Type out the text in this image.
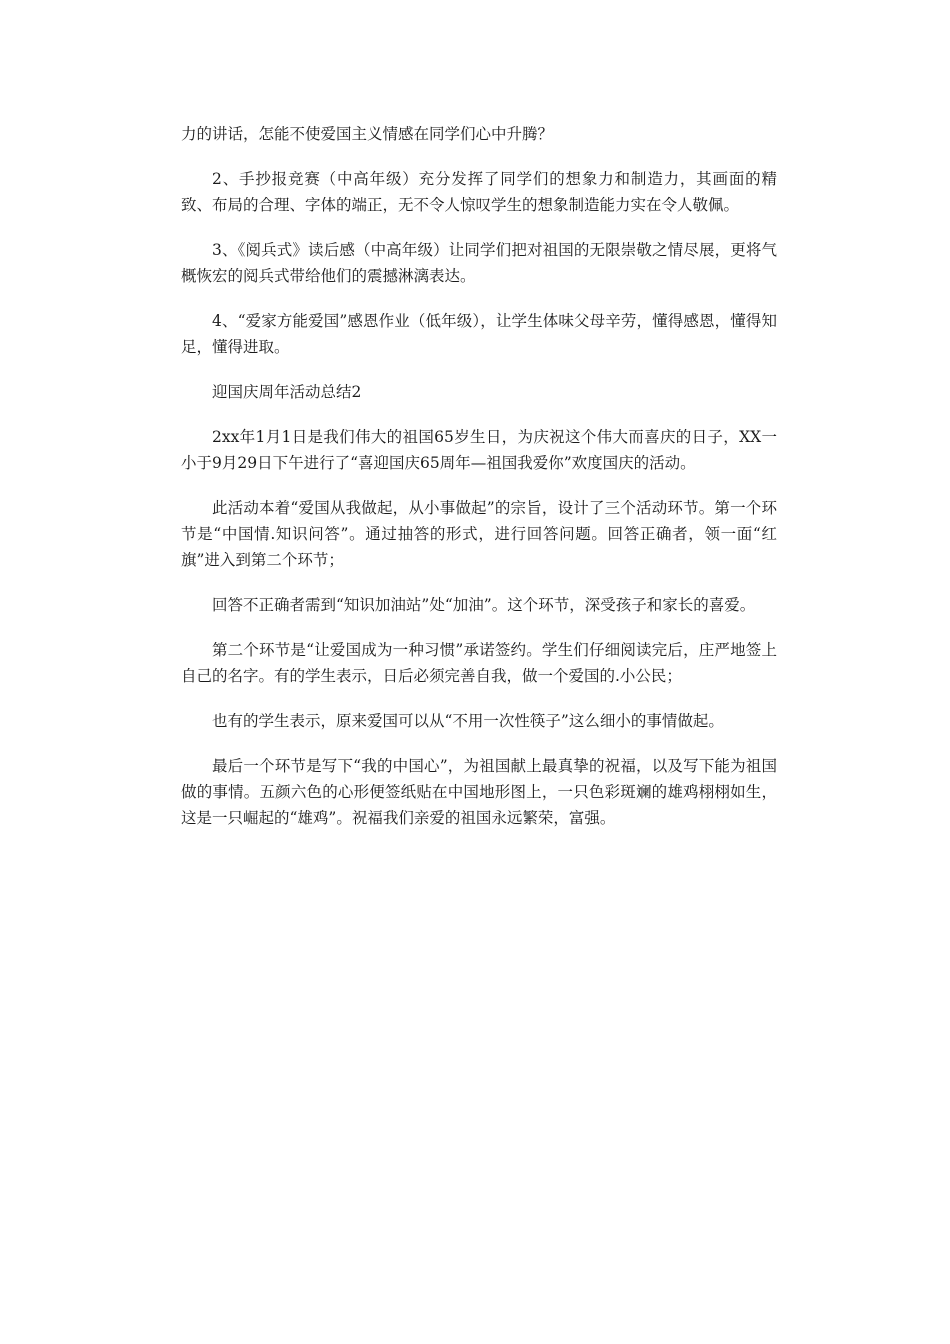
力的讲话，怎能不使爱国主义情感在同学们心中升腾？

2、手抄报竞赛（中高年级）充分发挥了同学们的想象力和制造力，其画面的精致、布局的合理、字体的端正，无不令人惊叹学生的想象制造能力实在令人敬佩。

3、《阅兵式》读后感（中高年级）让同学们把对祖国的无限崇敬之情尽展，更将气概恢宏的阅兵式带给他们的震撼淋漓表达。

4、“爱家方能爱国”感恩作业（低年级），让学生体味父母辛劳，懂得感恩，懂得知足，懂得进取。

迎国庆周年活动总结2

2xx年1月1日是我们伟大的祖国65岁生日，为庆祝这个伟大而喜庆的日子，XX一小于9月29日下午进行了“喜迎国庆65周年—祖国我爱你”欢度国庆的活动。

此活动本着“爱国从我做起，从小事做起”的宗旨，设计了三个活动环节。第一个环节是“中国情.知识问答”。通过抽答的形式，进行回答问题。回答正确者，领一面“红旗”进入到第二个环节；

回答不正确者需到“知识加油站”处“加油”。这个环节，深受孩子和家长的喜爱。

第二个环节是“让爱国成为一种习惯”承诺签约。学生们仔细阅读完后，庄严地签上自己的名字。有的学生表示，日后必须完善自我，做一个爱国的.小公民；

也有的学生表示，原来爱国可以从“不用一次性筷子”这么细小的事情做起。

最后一个环节是写下“我的中国心”，为祖国献上最真挚的祝福，以及写下能为祖国做的事情。五颜六色的心形便签纸贴在中国地形图上，一只色彩斑斓的雄鸡栩栩如生，这是一只崛起的“雄鸡”。祝福我们亲爱的祖国永远繁荣，富强。
